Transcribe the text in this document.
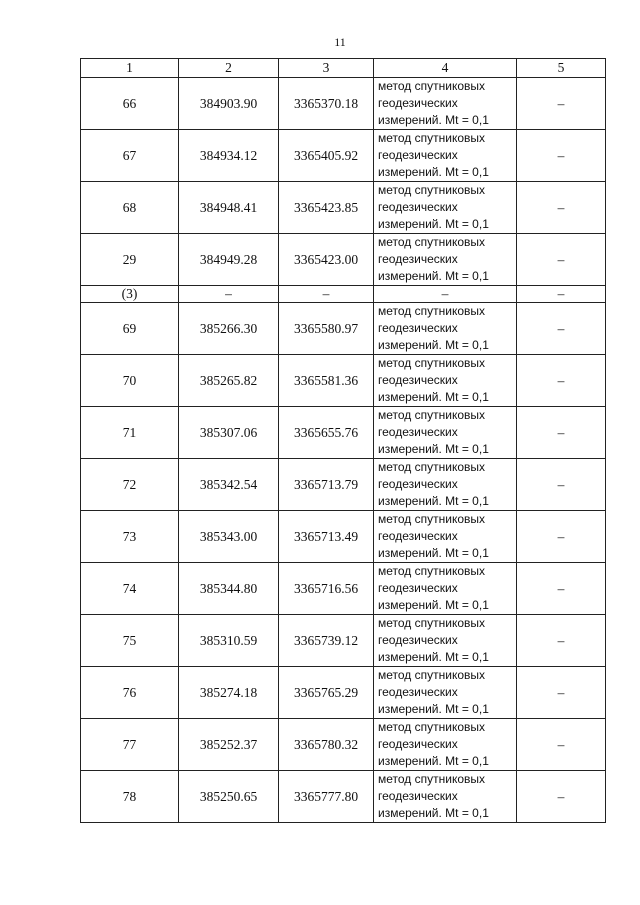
11
1	2	3	4	5
66	384903.90	3365370.18	метод спутниковых
геодезических
измерений. Mt = 0,1	–
67	384934.12	3365405.92	метод спутниковых
геодезических
измерений. Mt = 0,1	–
68	384948.41	3365423.85	метод спутниковых
геодезических
измерений. Mt = 0,1	–
29	384949.28	3365423.00	метод спутниковых
геодезических
измерений. Mt = 0,1	–
(3)	–	–	–	–
69	385266.30	3365580.97	метод спутниковых
геодезических
измерений. Mt = 0,1	–
70	385265.82	3365581.36	метод спутниковых
геодезических
измерений. Mt = 0,1	–
71	385307.06	3365655.76	метод спутниковых
геодезических
измерений. Mt = 0,1	–
72	385342.54	3365713.79	метод спутниковых
геодезических
измерений. Mt = 0,1	–
73	385343.00	3365713.49	метод спутниковых
геодезических
измерений. Mt = 0,1	–
74	385344.80	3365716.56	метод спутниковых
геодезических
измерений. Mt = 0,1	–
75	385310.59	3365739.12	метод спутниковых
геодезических
измерений. Mt = 0,1	–
76	385274.18	3365765.29	метод спутниковых
геодезических
измерений. Mt = 0,1	–
77	385252.37	3365780.32	метод спутниковых
геодезических
измерений. Mt = 0,1	–
78	385250.65	3365777.80	метод спутниковых
геодезических
измерений. Mt = 0,1	–
